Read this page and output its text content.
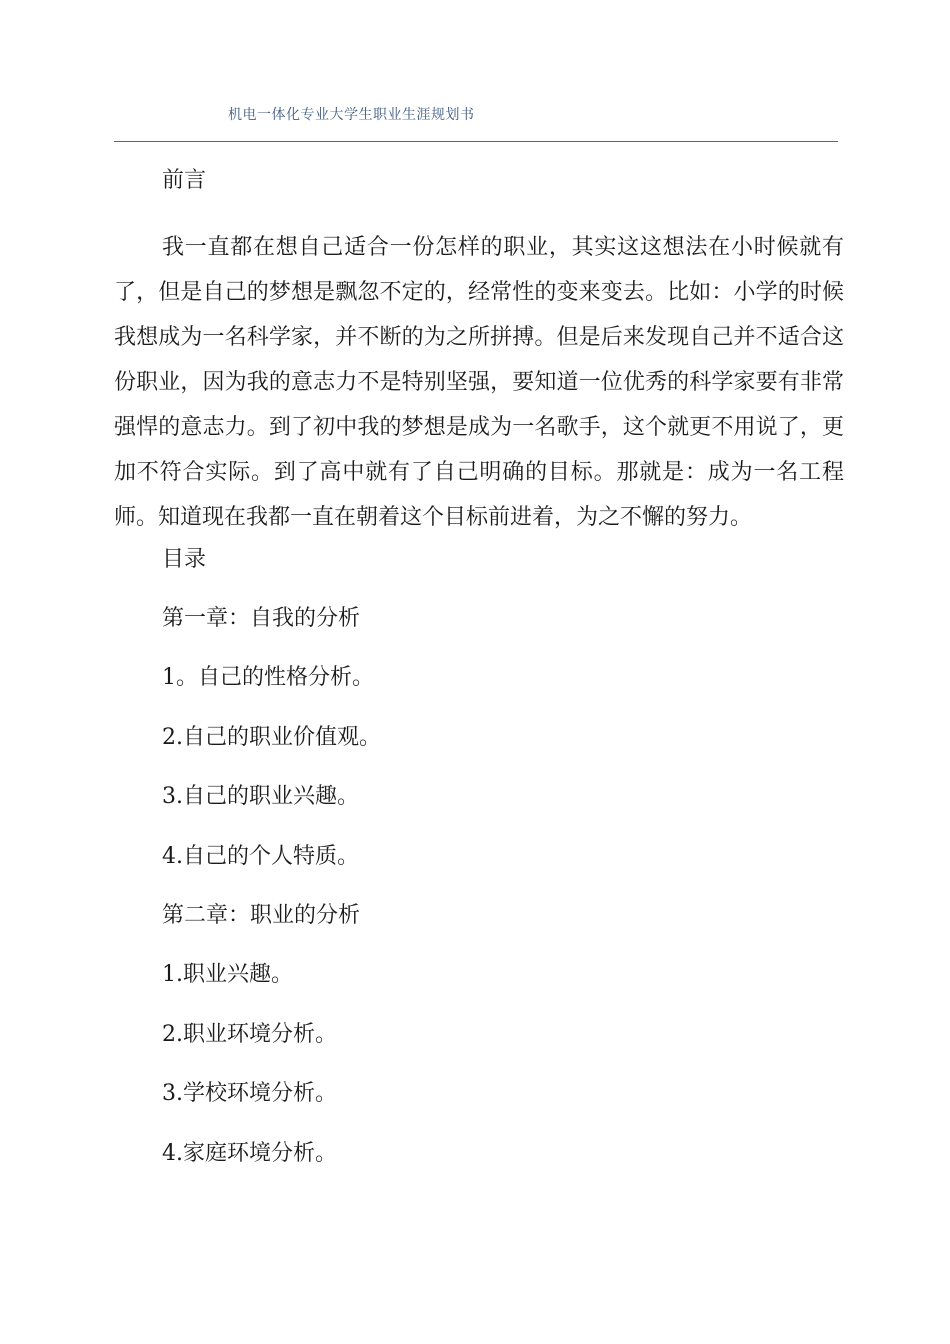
机电一体化专业大学生职业生涯规划书
前言
我一直都在想自己适合一份怎样的职业，其实这这想法在小时候就有了，但是自己的梦想是飘忽不定的，经常性的变来变去。比如：小学的时候我想成为一名科学家，并不断的为之所拼搏。但是后来发现自己并不适合这份职业，因为我的意志力不是特别坚强，要知道一位优秀的科学家要有非常强悍的意志力。到了初中我的梦想是成为一名歌手，这个就更不用说了，更加不符合实际。到了高中就有了自己明确的目标。那就是：成为一名工程师。知道现在我都一直在朝着这个目标前进着，为之不懈的努力。
目录
第一章：自我的分析
1。自己的性格分析。
2.自己的职业价值观。
3.自己的职业兴趣。
4.自己的个人特质。
第二章：职业的分析
1.职业兴趣。
2.职业环境分析。
3.学校环境分析。
4.家庭环境分析。
